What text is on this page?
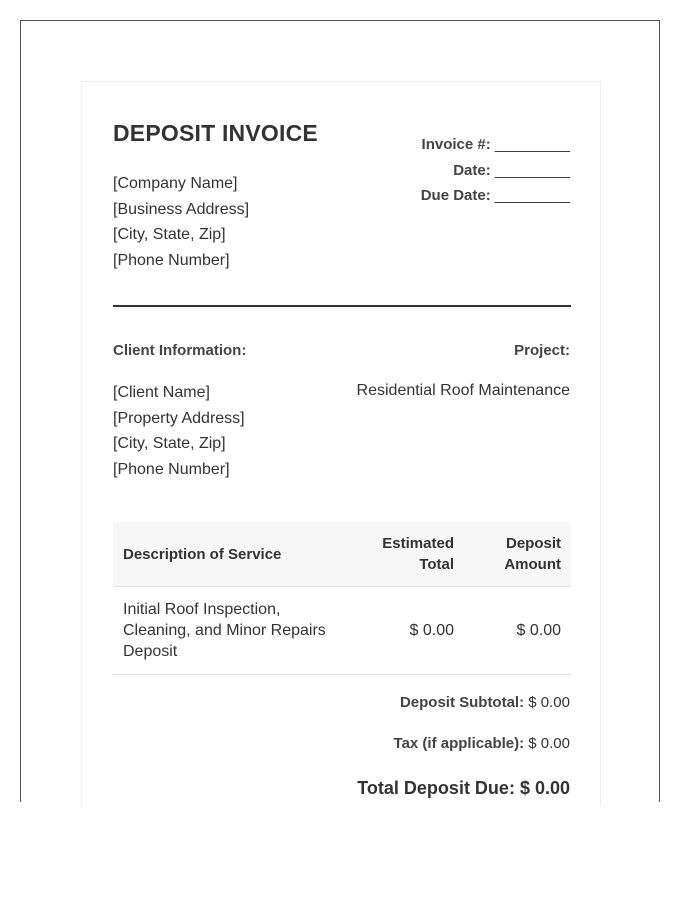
DEPOSIT INVOICE
[Company Name]
[Business Address]
[City, State, Zip]
[Phone Number]
Invoice #: _________
Date: _________
Due Date: _________
Client Information:	Project:
[Client Name]
[Property Address]
[City, State, Zip]
[Phone Number]
Residential Roof Maintenance
Description of Service	Estimated Total	Deposit Amount
Initial Roof Inspection, Cleaning, and Minor Repairs Deposit	$ 0.00	$ 0.00
Deposit Subtotal: $ 0.00
Tax (if applicable): $ 0.00
Total Deposit Due: $ 0.00
